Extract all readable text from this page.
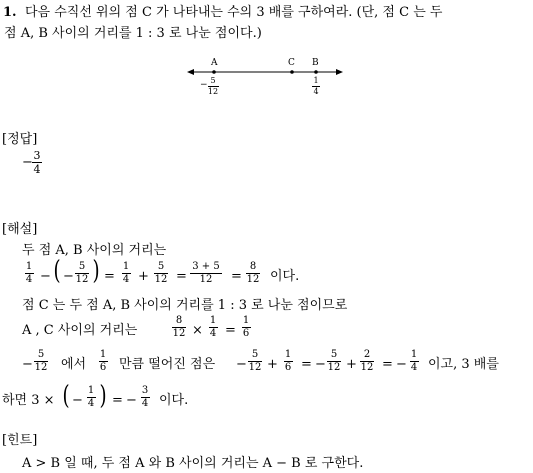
1. 다음 수직선 위의 점 C 가 나타내는 수의 3 배를 구하여라. (단, 점 C 는 두
점 A, B 사이의 거리를 1 : 3 로 나눈 점이다.)
A	C B
− 5
12
1
4
[정답]
− 3
4
[해설]
두 점 A, B 사이의 거리는
1
4 − ( −
5
12 ) =
1
4 +
5
12 =
3 + 5
12	=
8
12 이다.
점 C 는 두 점 A, B 사이의 거리를 1 : 3 로 나눈 점이므로
A , C 사이의 거리는
8
12 ×
1
4 =
1
6
−
5
12 에서
1
6 만큼 떨어진 점은 −
5
12 +
1
6 = −
5
12 +
2
12 = −
1
4 이고, 3 배를
하면 3 × ( −
1
4 ) = −
3
4 이다.
[힌트]
A > B 일 때, 두 점 A 와 B 사이의 거리는 A − B 로 구한다.
